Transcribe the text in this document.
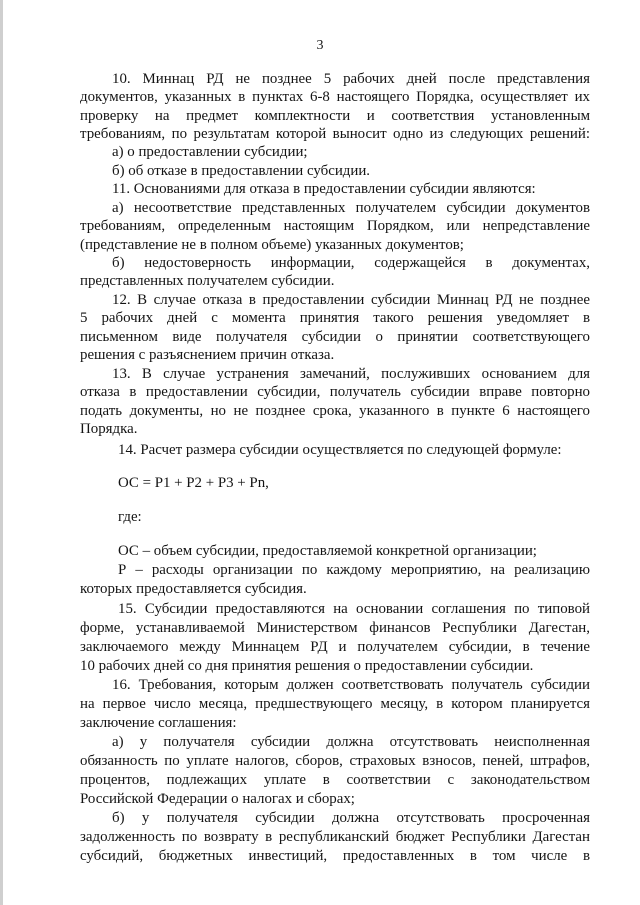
3
10. Миннац РД не позднее 5 рабочих дней после представления
документов, указанных в пунктах 6-8 настоящего Порядка, осуществляет их
проверку на предмет комплектности и соответствия установленным
требованиям, по результатам которой выносит одно из следующих решений:
а) о предоставлении субсидии;
б) об отказе в предоставлении субсидии.
11. Основаниями для отказа в предоставлении субсидии являются:
а) несоответствие представленных получателем субсидии документов
требованиям, определенным настоящим Порядком, или непредставление
(представление не в полном объеме) указанных документов;
б) недостоверность информации, содержащейся в документах,
представленных получателем субсидии.
12. В случае отказа в предоставлении субсидии Миннац РД не позднее
5 рабочих дней с момента принятия такого решения уведомляет в
письменном виде получателя субсидии о принятии соответствующего
решения с разъяснением причин отказа.
13. В случае устранения замечаний, послуживших основанием для
отказа в предоставлении субсидии, получатель субсидии вправе повторно
подать документы, но не позднее срока, указанного в пункте 6 настоящего
Порядка.
14. Расчет размера субсидии осуществляется по следующей формуле:
ОС = Р1 + Р2 + Р3 + Рn,
где:
ОС – объем субсидии, предоставляемой конкретной организации;
Р – расходы организации по каждому мероприятию, на реализацию
которых предоставляется субсидия.
15. Субсидии предоставляются на основании соглашения по типовой
форме, устанавливаемой Министерством финансов Республики Дагестан,
заключаемого между Миннацем РД и получателем субсидии, в течение
10 рабочих дней со дня принятия решения о предоставлении субсидии.
16. Требования, которым должен соответствовать получатель субсидии
на первое число месяца, предшествующего месяцу, в котором планируется
заключение соглашения:
а) у получателя субсидии должна отсутствовать неисполненная
обязанность по уплате налогов, сборов, страховых взносов, пеней, штрафов,
процентов, подлежащих уплате в соответствии с законодательством
Российской Федерации о налогах и сборах;
б) у получателя субсидии должна отсутствовать просроченная
задолженность по возврату в республиканский бюджет Республики Дагестан
субсидий, бюджетных инвестиций, предоставленных в том числе в
